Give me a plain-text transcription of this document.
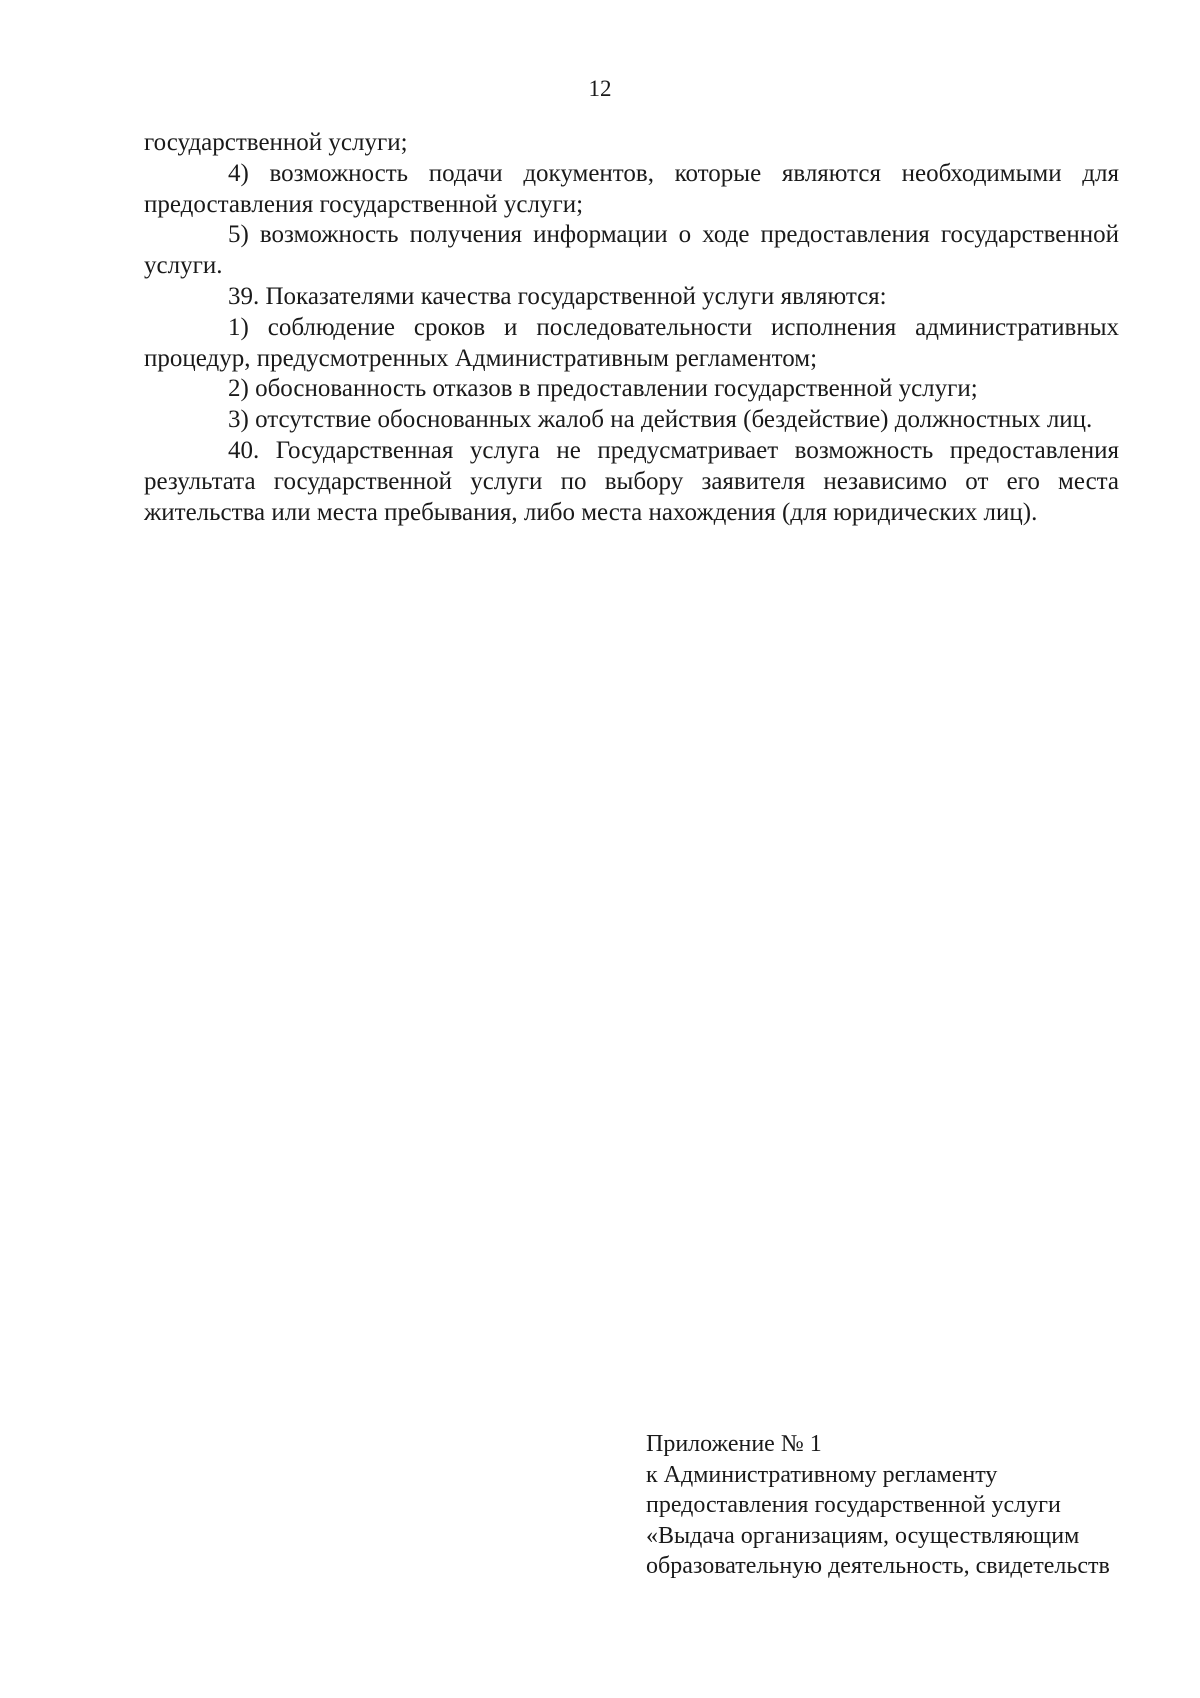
12

государственной услуги;

4) возможность подачи документов, которые являются необходимыми для предоставления государственной услуги;

5) возможность получения информации о ходе предоставления государственной услуги.

39. Показателями качества государственной услуги являются:

1) соблюдение сроков и последовательности исполнения административных процедур, предусмотренных Административным регламентом;

2) обоснованность отказов в предоставлении государственной услуги;

3) отсутствие обоснованных жалоб на действия (бездействие) должностных лиц.

40. Государственная услуга не предусматривает возможность предоставления результата государственной услуги по выбору заявителя независимо от его места жительства или места пребывания, либо места нахождения (для юридических лиц).

Приложение № 1
к Административному регламенту
предоставления государственной услуги
«Выдача организациям, осуществляющим
образовательную деятельность, свидетельств
